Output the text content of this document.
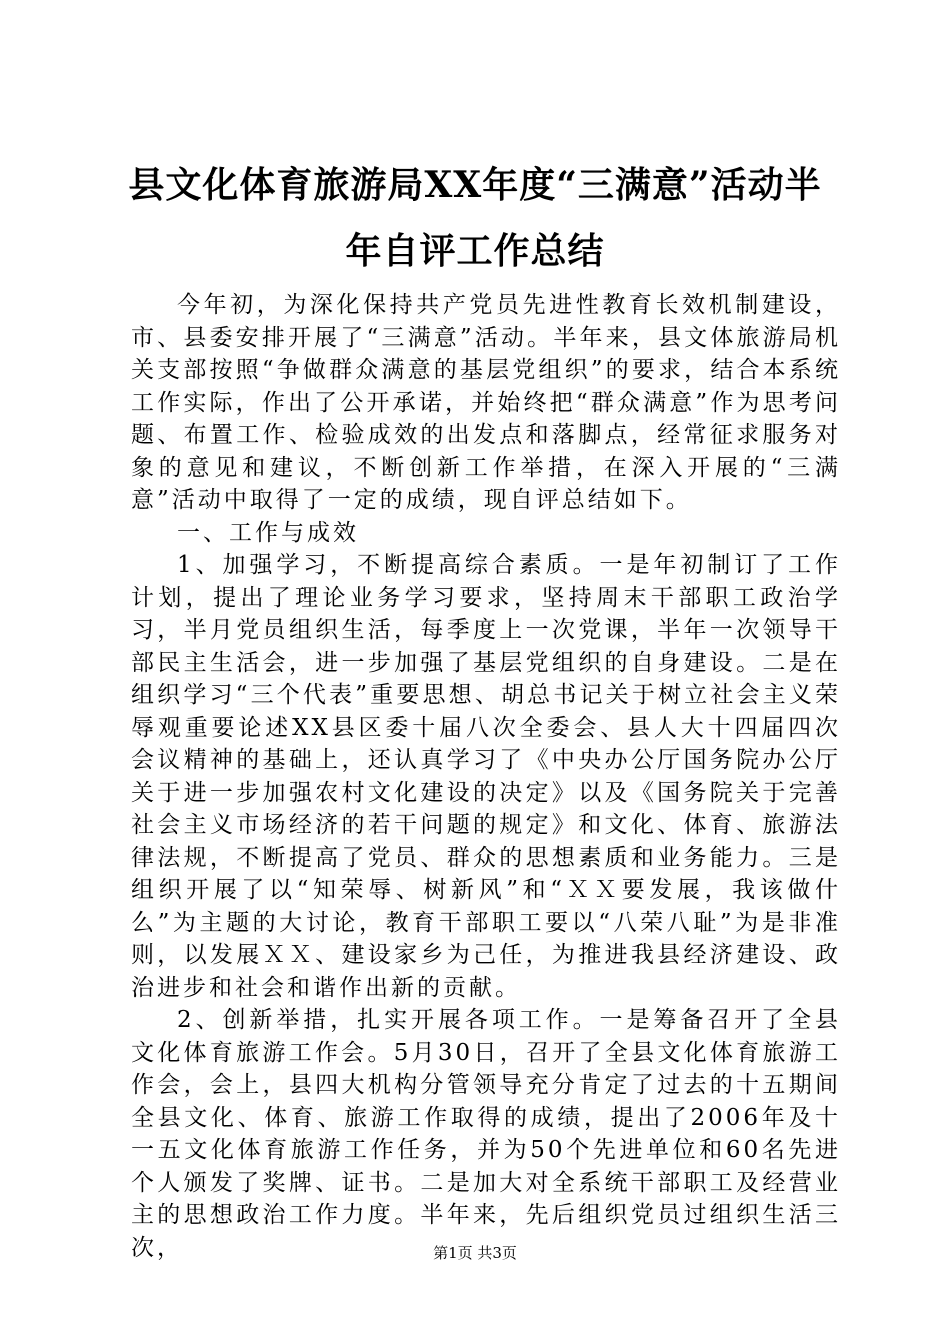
县文化体育旅游局XX年度“三满意”活动半
年自评工作总结

今年初，为深化保持共产党员先进性教育长效机制建设，市、县委安排开展了“三满意”活动。半年来，县文体旅游局机关支部按照“争做群众满意的基层党组织”的要求，结合本系统工作实际，作出了公开承诺，并始终把“群众满意”作为思考问题、布置工作、检验成效的出发点和落脚点，经常征求服务对象的意见和建议，不断创新工作举措，在深入开展的“三满意”活动中取得了一定的成绩，现自评总结如下。

一、工作与成效

1、加强学习，不断提高综合素质。一是年初制订了工作计划，提出了理论业务学习要求，坚持周末干部职工政治学习，半月党员组织生活，每季度上一次党课，半年一次领导干部民主生活会，进一步加强了基层党组织的自身建设。二是在组织学习“三个代表”重要思想、胡总书记关于树立社会主义荣辱观重要论述XX县区委十届八次全委会、县人大十四届四次会议精神的基础上，还认真学习了《中央办公厅国务院办公厅关于进一步加强农村文化建设的决定》以及《国务院关于完善社会主义市场经济的若干问题的规定》和文化、体育、旅游法律法规，不断提高了党员、群众的思想素质和业务能力。三是组织开展了以“知荣辱、树新风”和“ＸＸ要发展，我该做什么”为主题的大讨论，教育干部职工要以“八荣八耻”为是非准则，以发展ＸＸ、建设家乡为己任，为推进我县经济建设、政治进步和社会和谐作出新的贡献。

2、创新举措，扎实开展各项工作。一是筹备召开了全县文化体育旅游工作会。5月30日，召开了全县文化体育旅游工作会，会上，县四大机构分管领导充分肯定了过去的十五期间全县文化、体育、旅游工作取得的成绩，提出了2006年及十一五文化体育旅游工作任务，并为50个先进单位和60名先进个人颁发了奖牌、证书。二是加大对全系统干部职工及经营业主的思想政治工作力度。半年来，先后组织党员过组织生活三次，	第1页 共3页
